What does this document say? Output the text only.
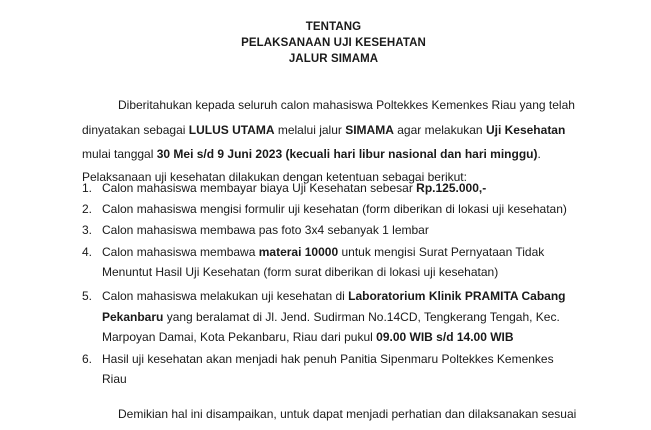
TENTANG
PELAKSANAAN UJI KESEHATAN
JALUR SIMAMA
Diberitahukan kepada seluruh calon mahasiswa Poltekkes Kemenkes Riau yang telah
dinyatakan sebagai LULUS UTAMA melalui jalur SIMAMA agar melakukan Uji Kesehatan
mulai tanggal 30 Mei s/d 9 Juni 2023 (kecuali hari libur nasional dan hari minggu).
Pelaksanaan uji kesehatan dilakukan dengan ketentuan sebagai berikut:
1. Calon mahasiswa membayar biaya Uji Kesehatan sebesar Rp.125.000,-
2. Calon mahasiswa mengisi formulir uji kesehatan (form diberikan di lokasi uji kesehatan)
3. Calon mahasiswa membawa pas foto 3x4 sebanyak 1 lembar
4. Calon mahasiswa membawa materai 10000 untuk mengisi Surat Pernyataan Tidak
Menuntut Hasil Uji Kesehatan (form surat diberikan di lokasi uji kesehatan)
5. Calon mahasiswa melakukan uji kesehatan di Laboratorium Klinik PRAMITA Cabang
Pekanbaru yang beralamat di Jl. Jend. Sudirman No.14CD, Tengkerang Tengah, Kec.
Marpoyan Damai, Kota Pekanbaru, Riau dari pukul 09.00 WIB s/d 14.00 WIB
6. Hasil uji kesehatan akan menjadi hak penuh Panitia Sipenmaru Poltekkes Kemenkes
Riau
Demikian hal ini disampaikan, untuk dapat menjadi perhatian dan dilaksanakan sesuai
